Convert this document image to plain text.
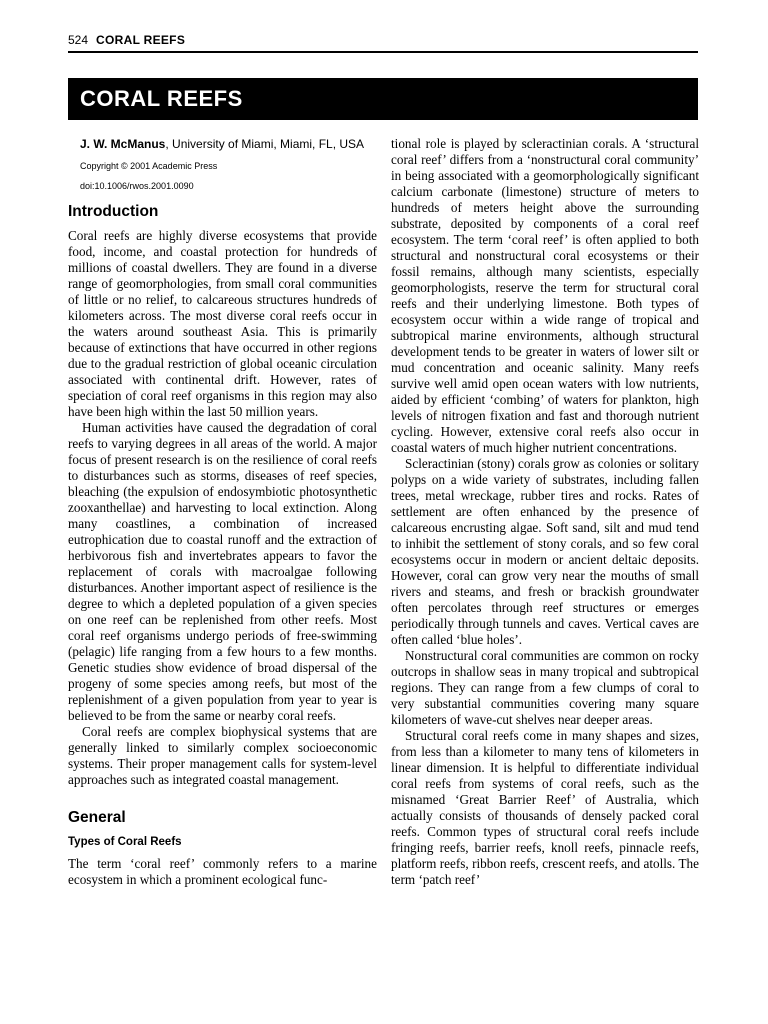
524 CORAL REEFS
CORAL REEFS

J. W. McManus, University of Miami, Miami, FL, USA

Copyright © 2001 Academic Press

doi:10.1006/rwos.2001.0090

Introduction

Coral reefs are highly diverse ecosystems that provide food, income, and coastal protection for hundreds of millions of coastal dwellers. They are found in a diverse range of geomorphologies, from small coral communities of little or no relief, to calcareous structures hundreds of kilometers across. The most diverse coral reefs occur in the waters around southeast Asia. This is primarily because of extinctions that have occurred in other regions due to the gradual restriction of global oceanic circulation associated with continental drift. However, rates of speciation of coral reef organisms in this region may also have been high within the last 50 million years.

Human activities have caused the degradation of coral reefs to varying degrees in all areas of the world. A major focus of present research is on the resilience of coral reefs to disturbances such as storms, diseases of reef species, bleaching (the expulsion of endosymbiotic photosynthetic zooxanthellae) and harvesting to local extinction. Along many coastlines, a combination of increased eutrophication due to coastal runoff and the extraction of herbivorous fish and invertebrates appears to favor the replacement of corals with macroalgae following disturbances. Another important aspect of resilience is the degree to which a depleted population of a given species on one reef can be replenished from other reefs. Most coral reef organisms undergo periods of free-swimming (pelagic) life ranging from a few hours to a few months. Genetic studies show evidence of broad dispersal of the progeny of some species among reefs, but most of the replenishment of a given population from year to year is believed to be from the same or nearby coral reefs.

Coral reefs are complex biophysical systems that are generally linked to similarly complex socioeconomic systems. Their proper management calls for system-level approaches such as integrated coastal management.

General
Types of Coral Reefs

The term ‘coral reef’ commonly refers to a marine ecosystem in which a prominent ecological func-

tional role is played by scleractinian corals. A ‘structural coral reef’ differs from a ‘nonstructural coral community’ in being associated with a geomorphologically significant calcium carbonate (limestone) structure of meters to hundreds of meters height above the surrounding substrate, deposited by components of a coral reef ecosystem. The term ‘coral reef’ is often applied to both structural and nonstructural coral ecosystems or their fossil remains, although many scientists, especially geomorphologists, reserve the term for structural coral reefs and their underlying limestone. Both types of ecosystem occur within a wide range of tropical and subtropical marine environments, although structural development tends to be greater in waters of lower silt or mud concentration and oceanic salinity. Many reefs survive well amid open ocean waters with low nutrients, aided by efficient ‘combing’ of waters for plankton, high levels of nitrogen fixation and fast and thorough nutrient cycling. However, extensive coral reefs also occur in coastal waters of much higher nutrient concentrations.

Scleractinian (stony) corals grow as colonies or solitary polyps on a wide variety of substrates, including fallen trees, metal wreckage, rubber tires and rocks. Rates of settlement are often enhanced by the presence of calcareous encrusting algae. Soft sand, silt and mud tend to inhibit the settlement of stony corals, and so few coral ecosystems occur in modern or ancient deltaic deposits. However, coral can grow very near the mouths of small rivers and steams, and fresh or brackish groundwater often percolates through reef structures or emerges periodically through tunnels and caves. Vertical caves are often called ‘blue holes’.

Nonstructural coral communities are common on rocky outcrops in shallow seas in many tropical and subtropical regions. They can range from a few clumps of coral to very substantial communities covering many square kilometers of wave-cut shelves near deeper areas.

Structural coral reefs come in many shapes and sizes, from less than a kilometer to many tens of kilometers in linear dimension. It is helpful to differentiate individual coral reefs from systems of coral reefs, such as the misnamed ‘Great Barrier Reef’ of Australia, which actually consists of thousands of densely packed coral reefs. Common types of structural coral reefs include fringing reefs, barrier reefs, knoll reefs, pinnacle reefs, platform reefs, ribbon reefs, crescent reefs, and atolls. The term ‘patch reef’
